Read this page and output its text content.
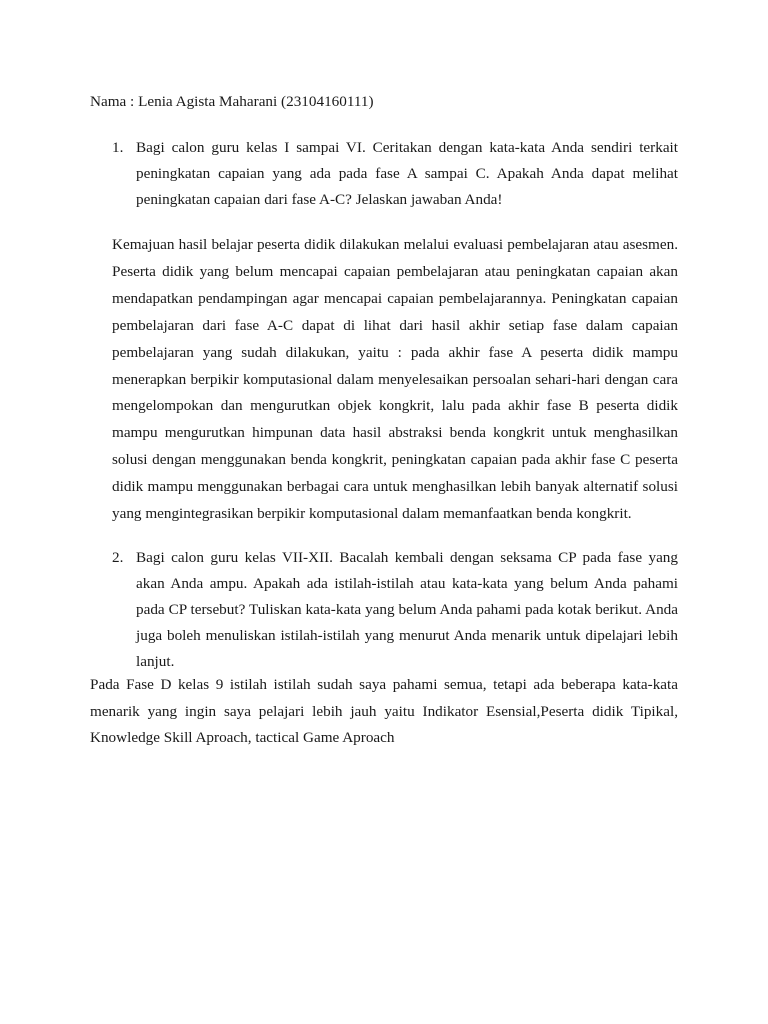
Nama : Lenia Agista Maharani (23104160111)
1. Bagi calon guru kelas I sampai VI. Ceritakan dengan kata-kata Anda sendiri terkait peningkatan capaian yang ada pada fase A sampai C. Apakah Anda dapat melihat peningkatan capaian dari fase A-C? Jelaskan jawaban Anda!
Kemajuan hasil belajar peserta didik dilakukan melalui evaluasi pembelajaran atau asesmen. Peserta didik yang belum mencapai capaian pembelajaran atau peningkatan capaian akan mendapatkan pendampingan agar mencapai capaian pembelajarannya. Peningkatan capaian pembelajaran dari fase A-C dapat di lihat dari hasil akhir setiap fase dalam capaian pembelajaran yang sudah dilakukan, yaitu : pada akhir fase A peserta didik mampu menerapkan berpikir komputasional dalam menyelesaikan persoalan sehari-hari dengan cara mengelompokan dan mengurutkan objek kongkrit, lalu pada akhir fase B peserta didik mampu mengurutkan himpunan data hasil abstraksi benda kongkrit untuk menghasilkan solusi dengan menggunakan benda kongkrit, peningkatan capaian pada akhir fase C peserta didik mampu menggunakan berbagai cara untuk menghasilkan lebih banyak alternatif solusi yang mengintegrasikan berpikir komputasional dalam memanfaatkan benda kongkrit.
2. Bagi calon guru kelas VII-XII. Bacalah kembali dengan seksama CP pada fase yang akan Anda ampu. Apakah ada istilah-istilah atau kata-kata yang belum Anda pahami pada CP tersebut? Tuliskan kata-kata yang belum Anda pahami pada kotak berikut. Anda juga boleh menuliskan istilah-istilah yang menurut Anda menarik untuk dipelajari lebih lanjut.
Pada Fase D kelas 9 istilah istilah sudah saya pahami semua, tetapi ada beberapa kata-kata menarik yang ingin saya pelajari lebih jauh yaitu Indikator Esensial,Peserta didik Tipikal, Knowledge Skill Aproach, tactical Game Aproach
